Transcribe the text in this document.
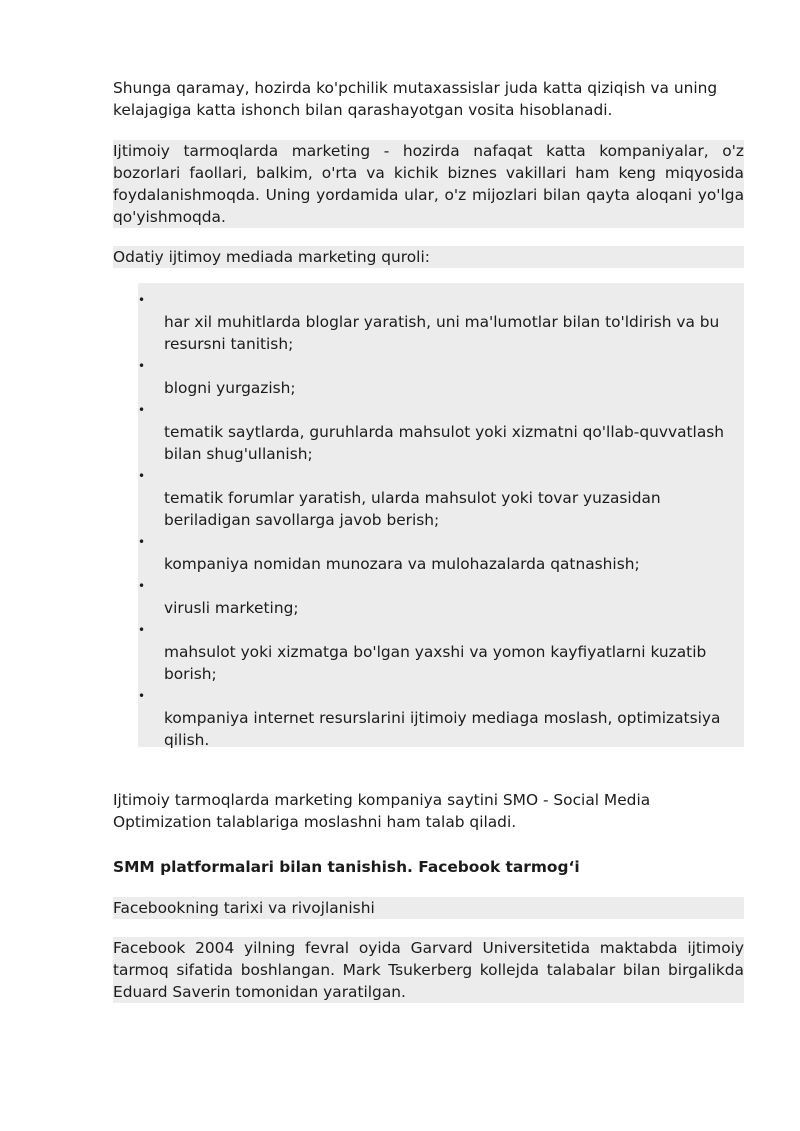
Shunga qaramay, hozirda ko'pchilik mutaxassislar juda katta qiziqish va uning kelajagiga katta ishonch bilan qarashayotgan vosita hisoblanadi.

Ijtimoiy tarmoqlarda marketing - hozirda nafaqat katta kompaniyalar, o'z bozorlari faollari, balkim, o'rta va kichik biznes vakillari ham keng miqyosida foydalanishmoqda. Uning yordamida ular, o'z mijozlari bilan qayta aloqani yo'lga qo'yishmoqda.

Odatiy ijtimoy mediada marketing quroli:

•

har xil muhitlarda bloglar yaratish, uni ma'lumotlar bilan to'ldirish va bu resursni tanitish;

•

blogni yurgazish;

•

tematik saytlarda, guruhlarda mahsulot yoki xizmatni qo'llab-quvvatlash bilan shug'ullanish;

•

tematik forumlar yaratish, ularda mahsulot yoki tovar yuzasidan beriladigan savollarga javob berish;

•

kompaniya nomidan munozara va mulohazalarda qatnashish;

•

virusli marketing;

•

mahsulot yoki xizmatga bo'lgan yaxshi va yomon kayfiyatlarni kuzatib borish;

•

kompaniya internet resurslarini ijtimoiy mediaga moslash, optimizatsiya qilish.

Ijtimoiy tarmoqlarda marketing kompaniya saytini SMO - Social Media Optimization talablariga moslashni ham talab qiladi.

SMM platformalari bilan tanishish. Facebook tarmog‘i

Facebookning tarixi va rivojlanishi

Facebook 2004 yilning fevral oyida Garvard Universitetida maktabda ijtimoiy tarmoq sifatida boshlangan. Mark Tsukerberg kollejda talabalar bilan birgalikda Eduard Saverin tomonidan yaratilgan.
